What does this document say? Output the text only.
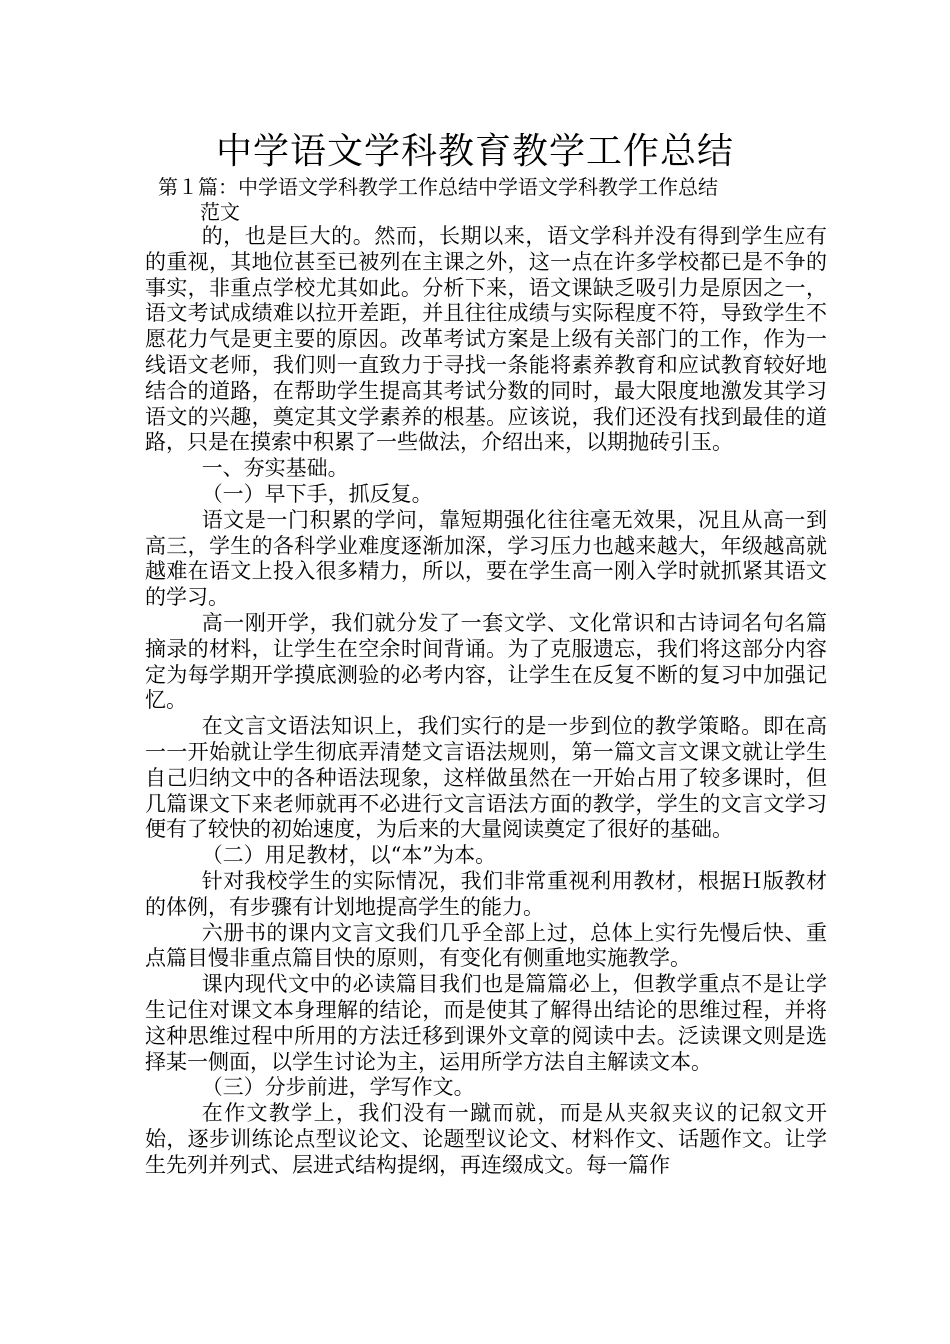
中学语文学科教育教学工作总结
第１篇：中学语文学科教学工作总结中学语文学科教学工作总结
范文

的，也是巨大的。然而，长期以来，语文学科并没有得到学生应有的重视，其地位甚至已被列在主课之外，这一点在许多学校都已是不争的事实，非重点学校尤其如此。分析下来，语文课缺乏吸引力是原因之一，语文考试成绩难以拉开差距，并且往往成绩与实际程度不符，导致学生不愿花力气是更主要的原因。改革考试方案是上级有关部门的工作，作为一线语文老师，我们则一直致力于寻找一条能将素养教育和应试教育较好地结合的道路，在帮助学生提高其考试分数的同时，最大限度地激发其学习语文的兴趣，奠定其文学素养的根基。应该说，我们还没有找到最佳的道路，只是在摸索中积累了一些做法，介绍出来，以期抛砖引玉。

一、夯实基础。

（一）早下手，抓反复。

语文是一门积累的学问，靠短期强化往往毫无效果，况且从高一到高三，学生的各科学业难度逐渐加深，学习压力也越来越大，年级越高就越难在语文上投入很多精力，所以，要在学生高一刚入学时就抓紧其语文的学习。

高一刚开学，我们就分发了一套文学、文化常识和古诗词名句名篇摘录的材料，让学生在空余时间背诵。为了克服遗忘，我们将这部分内容定为每学期开学摸底测验的必考内容，让学生在反复不断的复习中加强记忆。

在文言文语法知识上，我们实行的是一步到位的教学策略。即在高一一开始就让学生彻底弄清楚文言语法规则，第一篇文言文课文就让学生自己归纳文中的各种语法现象，这样做虽然在一开始占用了较多课时，但几篇课文下来老师就再不必进行文言语法方面的教学，学生的文言文学习便有了较快的初始速度，为后来的大量阅读奠定了很好的基础。

（二）用足教材，以“本”为本。

针对我校学生的实际情况，我们非常重视利用教材，根据Ｈ版教材的体例，有步骤有计划地提高学生的能力。

六册书的课内文言文我们几乎全部上过，总体上实行先慢后快、重点篇目慢非重点篇目快的原则，有变化有侧重地实施教学。

课内现代文中的必读篇目我们也是篇篇必上，但教学重点不是让学生记住对课文本身理解的结论，而是使其了解得出结论的思维过程，并将这种思维过程中所用的方法迁移到课外文章的阅读中去。泛读课文则是选择某一侧面，以学生讨论为主，运用所学方法自主解读文本。

（三）分步前进，学写作文。

在作文教学上，我们没有一蹴而就，而是从夹叙夹议的记叙文开始，逐步训练论点型议论文、论题型议论文、材料作文、话题作文。让学生先列并列式、层进式结构提纲，再连缀成文。每一篇作
